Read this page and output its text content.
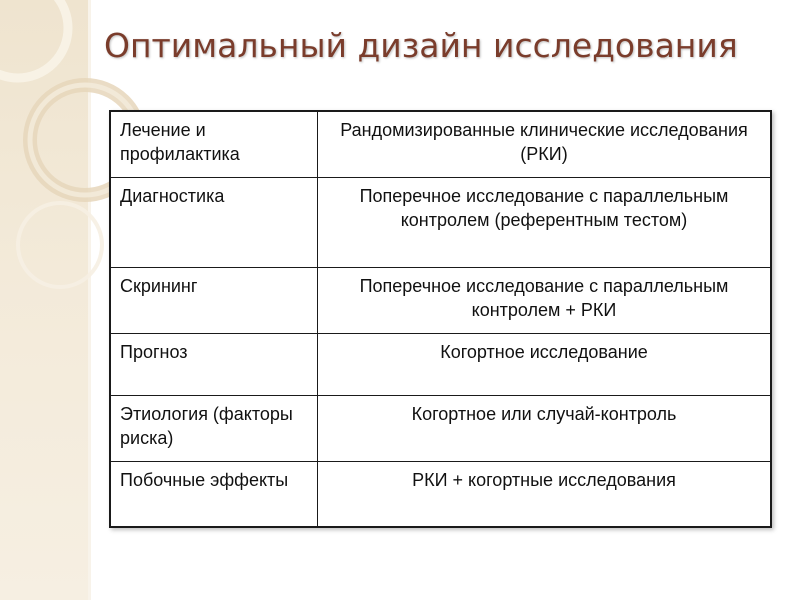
Оптимальный дизайн исследования
Лечение и профилактика	Рандомизированные клинические исследования (РКИ)
Диагностика	Поперечное исследование с параллельным контролем (референтным тестом)
Скрининг	Поперечное исследование с параллельным контролем + РКИ
Прогноз	Когортное исследование
Этиология (факторы риска)	Когортное или случай-контроль
Побочные эффекты	РКИ + когортные исследования
